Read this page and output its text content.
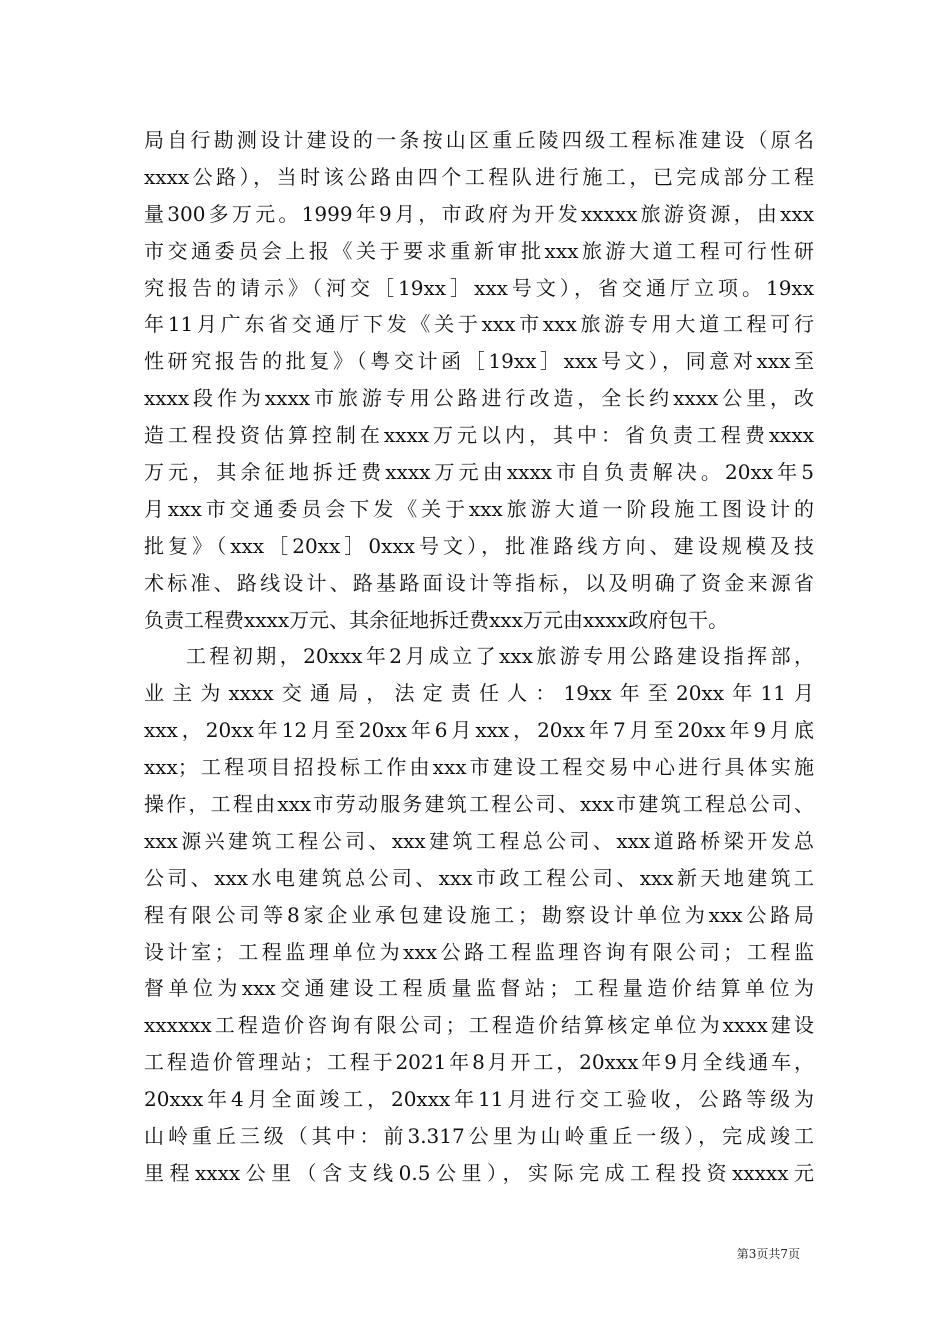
局自行勘测设计建设的一条按山区重丘陵四级工程标准建设（原名
xxxx公路），当时该公路由四个工程队进行施工，已完成部分工程
量300多万元。1999年9月，市政府为开发xxxxx旅游资源，由xxx
市交通委员会上报《关于要求重新审批xxx旅游大道工程可行性研
究报告的请示》（河交［19xx］xxx号文），省交通厅立项。19xx
年11月广东省交通厅下发《关于xxx市xxx旅游专用大道工程可行
性研究报告的批复》（粤交计函［19xx］xxx号文），同意对xxx至
xxxx段作为xxxx市旅游专用公路进行改造，全长约xxxx公里，改
造工程投资估算控制在xxxx万元以内，其中：省负责工程费xxxx
万元，其余征地拆迁费xxxx万元由xxxx市自负责解决。20xx年5
月xxx市交通委员会下发《关于xxx旅游大道一阶段施工图设计的
批复》（xxx［20xx］0xxx号文），批准路线方向、建设规模及技
术标准、路线设计、路基路面设计等指标，以及明确了资金来源省
负责工程费xxxx万元、其余征地拆迁费xxx万元由xxxx政府包干。
工程初期，20xxx年2月成立了xxx旅游专用公路建设指挥部，
业主为xxxx交通局，法定责任人：19xx年至20xx年11月
xxx，20xx年12月至20xx年6月xxx，20xx年7月至20xx年9月底
xxx；工程项目招投标工作由xxx市建设工程交易中心进行具体实施
操作，工程由xxx市劳动服务建筑工程公司、xxx市建筑工程总公司、
xxx源兴建筑工程公司、xxx建筑工程总公司、xxx道路桥梁开发总
公司、xxx水电建筑总公司、xxx市政工程公司、xxx新天地建筑工
程有限公司等8家企业承包建设施工；勘察设计单位为xxx公路局
设计室；工程监理单位为xxx公路工程监理咨询有限公司；工程监
督单位为xxx交通建设工程质量监督站；工程量造价结算单位为
xxxxxx工程造价咨询有限公司；工程造价结算核定单位为xxxx建设
工程造价管理站；工程于2021年8月开工，20xxx年9月全线通车，
20xxx年4月全面竣工，20xxx年11月进行交工验收，公路等级为
山岭重丘三级（其中：前3.317公里为山岭重丘一级），完成竣工
里程xxxx公里（含支线0.5公里），实际完成工程投资xxxxx元
第3页共7页
